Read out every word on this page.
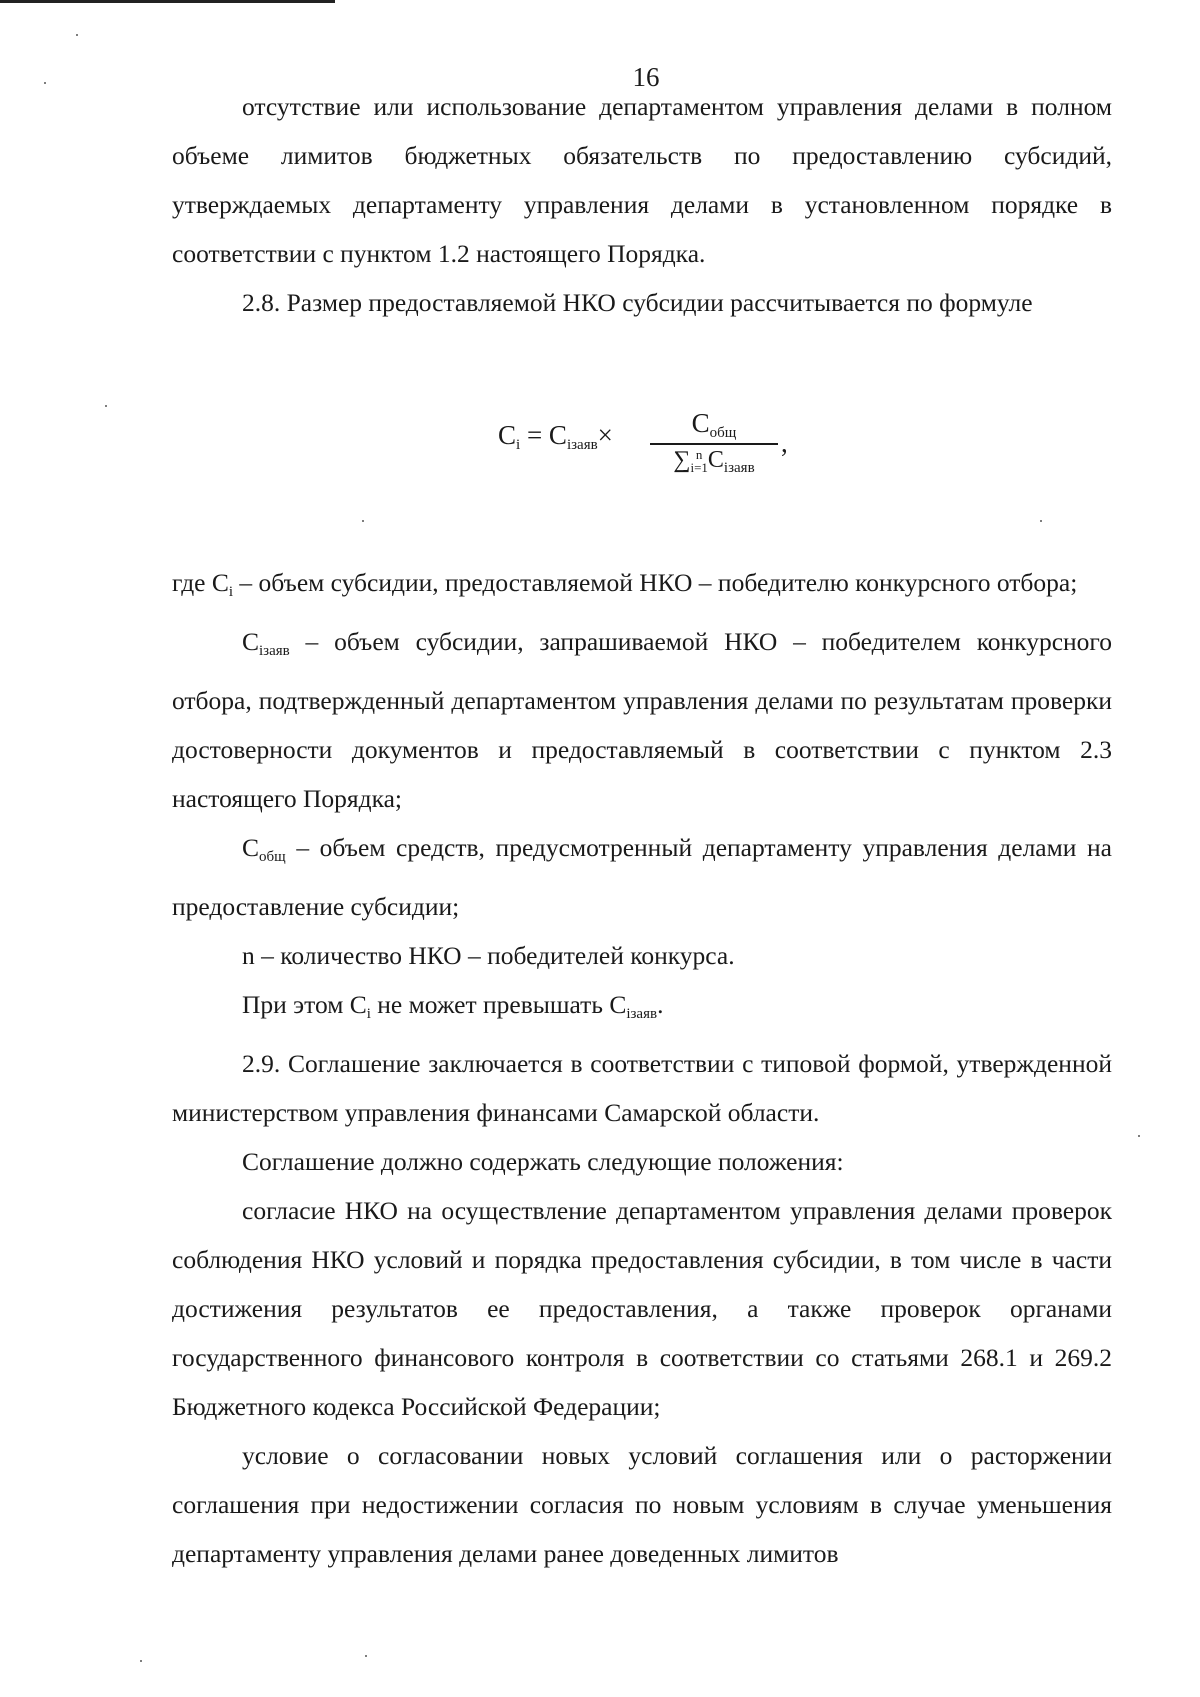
16

отсутствие или использование департаментом управления делами в полном объеме лимитов бюджетных обязательств по предоставлению субсидий, утверждаемых департаменту управления делами в установленном порядке в соответствии с пунктом 1.2 настоящего Порядка.

2.8. Размер предоставляемой НКО субсидии рассчитывается по формуле

$C_i = C_{iзаяв}\times$	$C_{общ}$
∑ n
$i=1C_{iзаяв}$
,

где $C_i$ – объем субсидии, предоставляемой НКО – победителю конкурсного отбора;

$C_{iзаяв}$ – объем субсидии, запрашиваемой НКО – победителем конкурсного отбора, подтвержденный департаментом управления делами по результатам проверки достоверности документов и предоставляемый в соответствии с пунктом 2.3 настоящего Порядка;

$C_{общ}$ – объем средств, предусмотренный департаменту управления делами на предоставление субсидии;

n – количество НКО – победителей конкурса.

При этом $C_i$ не может превышать $C_{iзаяв}$.

2.9. Соглашение заключается в соответствии с типовой формой, утвержденной министерством управления финансами Самарской области.

Соглашение должно содержать следующие положения:

согласие НКО на осуществление департаментом управления делами проверок соблюдения НКО условий и порядка предоставления субсидии, в том числе в части достижения результатов ее предоставления, а также проверок органами государственного финансового контроля в соответствии со статьями 268.1 и 269.2 Бюджетного кодекса Российской Федерации;

условие о согласовании новых условий соглашения или о расторжении соглашения при недостижении согласия по новым условиям в случае уменьшения департаменту управления делами ранее доведенных лимитов
